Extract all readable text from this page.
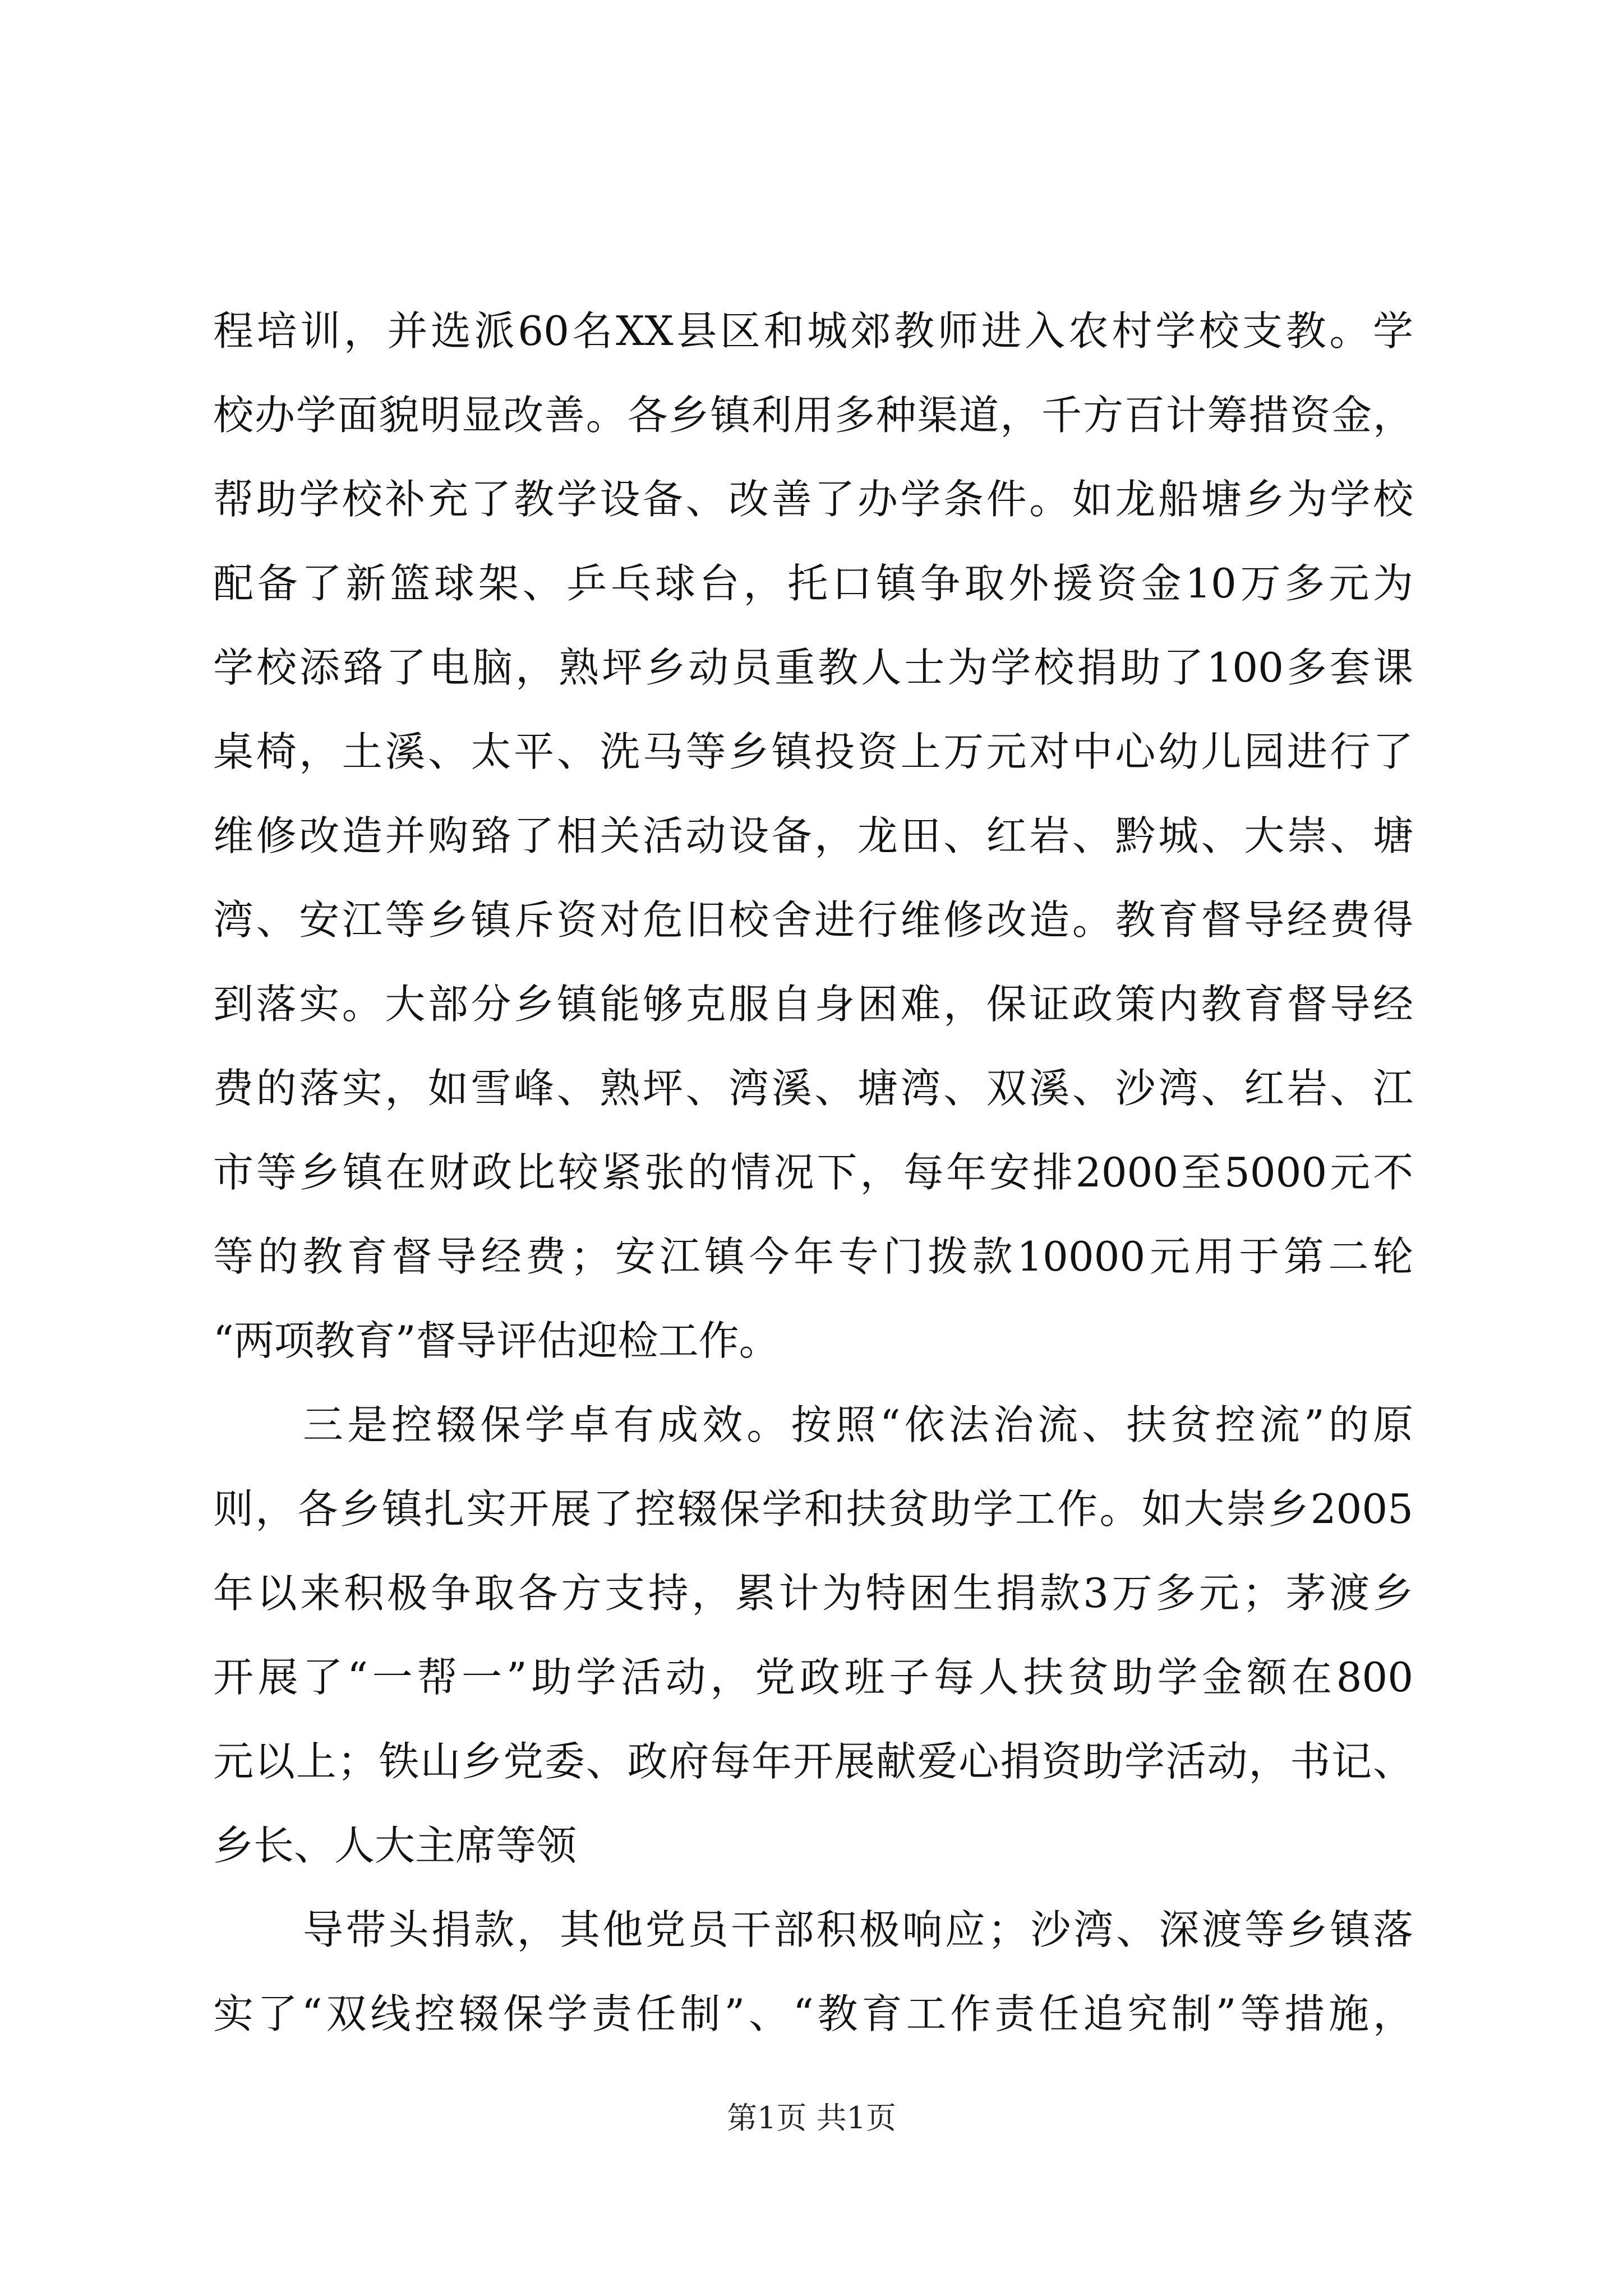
程培训，并选派60名XX县区和城郊教师进入农村学校支教。学
校办学面貌明显改善。各乡镇利用多种渠道，千方百计筹措资金，
帮助学校补充了教学设备、改善了办学条件。如龙船塘乡为学校
配备了新篮球架、乒乓球台，托口镇争取外援资金10万多元为
学校添臵了电脑，熟坪乡动员重教人士为学校捐助了100多套课
桌椅，土溪、太平、洗马等乡镇投资上万元对中心幼儿园进行了
维修改造并购臵了相关活动设备，龙田、红岩、黔城、大崇、塘
湾、安江等乡镇斥资对危旧校舍进行维修改造。教育督导经费得
到落实。大部分乡镇能够克服自身困难，保证政策内教育督导经
费的落实，如雪峰、熟坪、湾溪、塘湾、双溪、沙湾、红岩、江
市等乡镇在财政比较紧张的情况下，每年安排2000至5000元不
等的教育督导经费；安江镇今年专门拨款10000元用于第二轮
“两项教育”督导评估迎检工作。
三是控辍保学卓有成效。按照“依法治流、扶贫控流”的原
则，各乡镇扎实开展了控辍保学和扶贫助学工作。如大崇乡2005
年以来积极争取各方支持，累计为特困生捐款3万多元；茅渡乡
开展了“一帮一”助学活动，党政班子每人扶贫助学金额在800
元以上；铁山乡党委、政府每年开展献爱心捐资助学活动，书记、
乡长、人大主席等领
导带头捐款，其他党员干部积极响应；沙湾、深渡等乡镇落
实了“双线控辍保学责任制”、“教育工作责任追究制”等措施，
第1页 共1页
